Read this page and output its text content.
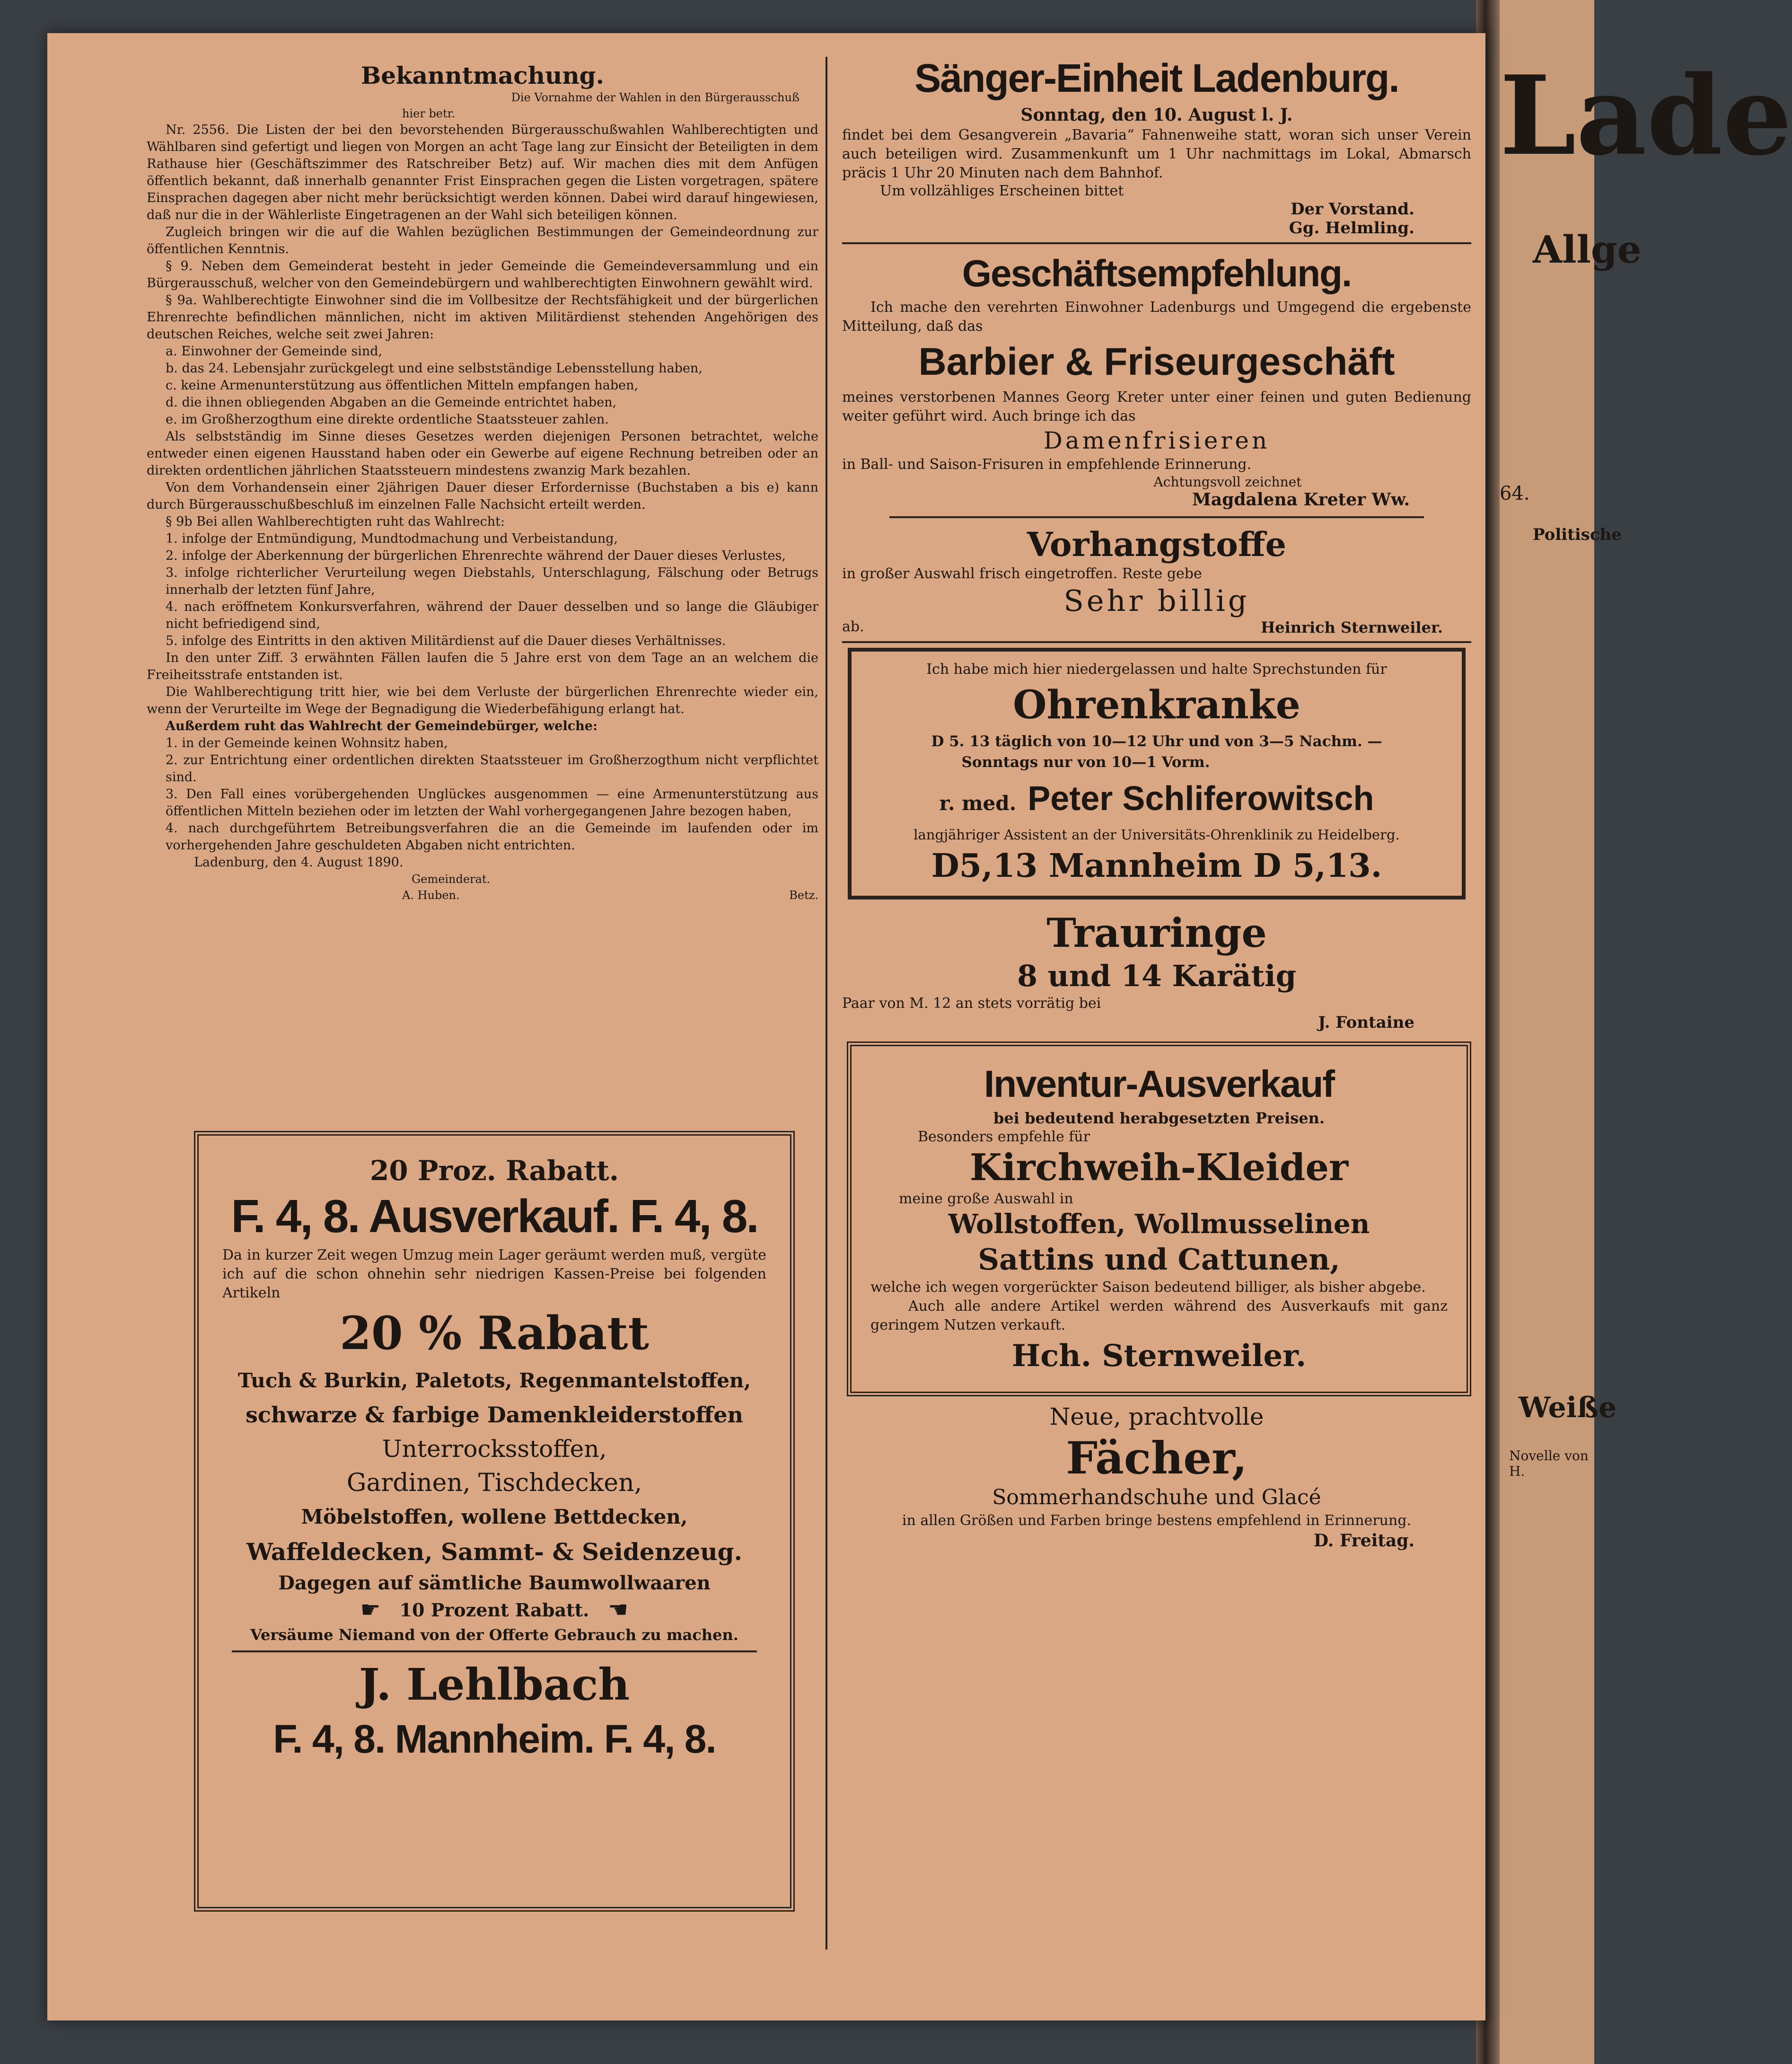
Lade
Allge
64.
Politische
Weiße
Novelle von H.
Bekanntmachung.
Die Vornahme der Wahlen in den Bürgerausschuß
hier betr.

Nr. 2556. Die Listen der bei den bevorstehenden Bürgerausschußwahlen Wahlberechtigten und Wählbaren sind gefertigt und liegen von Morgen an acht Tage lang zur Einsicht der Beteiligten in dem Rathause hier (Geschäftszimmer des Ratschreiber Betz) auf. Wir machen dies mit dem Anfügen öffentlich bekannt, daß innerhalb genannter Frist Einsprachen gegen die Listen vorgetragen, spätere Einsprachen dagegen aber nicht mehr berücksichtigt werden können. Dabei wird darauf hingewiesen, daß nur die in der Wählerliste Eingetragenen an der Wahl sich beteiligen können.

Zugleich bringen wir die auf die Wahlen bezüglichen Bestimmungen der Gemeindeordnung zur öffentlichen Kenntnis.

§ 9. Neben dem Gemeinderat besteht in jeder Gemeinde die Gemeindeversammlung und ein Bürgerausschuß, welcher von den Gemeindebürgern und wahlberechtigten Einwohnern gewählt wird.

§ 9a. Wahlberechtigte Einwohner sind die im Vollbesitze der Rechtsfähigkeit und der bürgerlichen Ehrenrechte befindlichen männlichen, nicht im aktiven Militärdienst stehenden Angehörigen des deutschen Reiches, welche seit zwei Jahren:

a. Einwohner der Gemeinde sind,

b. das 24. Lebensjahr zurückgelegt und eine selbstständige Lebensstellung haben,

c. keine Armenunterstützung aus öffentlichen Mitteln empfangen haben,

d. die ihnen obliegenden Abgaben an die Gemeinde entrichtet haben,

e. im Großherzogthum eine direkte ordentliche Staatssteuer zahlen.

Als selbstständig im Sinne dieses Gesetzes werden diejenigen Personen betrachtet, welche entweder einen eigenen Hausstand haben oder ein Gewerbe auf eigene Rechnung betreiben oder an direkten ordentlichen jährlichen Staatssteuern mindestens zwanzig Mark bezahlen.

Von dem Vorhandensein einer 2jährigen Dauer dieser Erfordernisse (Buchstaben a bis e) kann durch Bürgerausschußbeschluß im einzelnen Falle Nachsicht erteilt werden.

§ 9b Bei allen Wahlberechtigten ruht das Wahlrecht:

1. infolge der Entmündigung, Mundtodmachung und Verbeistandung,

2. infolge der Aberkennung der bürgerlichen Ehrenrechte während der Dauer dieses Verlustes,

3. infolge richterlicher Verurteilung wegen Diebstahls, Unterschlagung, Fälschung oder Betrugs innerhalb der letzten fünf Jahre,

4. nach eröffnetem Konkursverfahren, während der Dauer desselben und so lange die Gläubiger nicht befriedigend sind,

5. infolge des Eintritts in den aktiven Militärdienst auf die Dauer dieses Verhältnisses.

In den unter Ziff. 3 erwähnten Fällen laufen die 5 Jahre erst von dem Tage an an welchem die Freiheitsstrafe entstanden ist.

Die Wahlberechtigung tritt hier, wie bei dem Verluste der bürgerlichen Ehrenrechte wieder ein, wenn der Verurteilte im Wege der Begnadigung die Wiederbefähigung erlangt hat.

Außerdem ruht das Wahlrecht der Gemeindebürger, welche:

1. in der Gemeinde keinen Wohnsitz haben,

2. zur Entrichtung einer ordentlichen direkten Staatssteuer im Großherzogthum nicht verpflichtet sind.

3. Den Fall eines vorübergehenden Unglückes ausgenommen — eine Armenunterstützung aus öffentlichen Mitteln beziehen oder im letzten der Wahl vorhergegangenen Jahre bezogen haben,

4. nach durchgeführtem Betreibungsverfahren die an die Gemeinde im laufenden oder im vorhergehenden Jahre geschuldeten Abgaben nicht entrichten.

Ladenburg, den 4. August 1890.

Gemeinderat.

A. Huben.	Betz.
20 Proz. Rabatt.
F. 4, 8. Ausverkauf. F. 4, 8.
Da in kurzer Zeit wegen Umzug mein Lager geräumt werden muß, vergüte ich auf die schon ohnehin sehr niedrigen Kassen-Preise bei folgenden Artikeln
20 % Rabatt
Tuch & Burkin, Paletots, Regenmantelstoffen,
schwarze & farbige Damenkleiderstoffen
Unterrocksstoffen,
Gardinen, Tischdecken,
Möbelstoffen, wollene Bettdecken,
Waffeldecken, Sammt- & Seidenzeug.
Dagegen auf sämtliche Baumwollwaaren
☛ 10 Prozent Rabatt. ☛
Versäume Niemand von der Offerte Gebrauch zu machen.
J. Lehlbach
F. 4, 8. Mannheim. F. 4, 8.
Sänger-Einheit Ladenburg.
Sonntag, den 10. August l. J.

findet bei dem Gesangverein „Bavaria“ Fahnenweihe statt, woran sich unser Verein auch beteiligen wird. Zusammenkunft um 1 Uhr nachmittags im Lokal, Abmarsch präcis 1 Uhr 20 Minuten nach dem Bahnhof.

Um vollzähliges Erscheinen bittet

Der Vorstand.
Gg. Helmling.
Geschäftsempfehlung.

Ich mache den verehrten Einwohner Ladenburgs und Umgegend die ergebenste Mitteilung, daß das

Barbier & Friseurgeschäft

meines verstorbenen Mannes Georg Kreter unter einer feinen und guten Bedienung weiter geführt wird. Auch bringe ich das

Damenfrisieren

in Ball- und Saison-Frisuren in empfehlende Erinnerung.

Achtungsvoll zeichnet
Magdalena Kreter Ww.
Vorhangstoffe

in großer Auswahl frisch eingetroffen. Reste gebe

Sehr billig
ab.	Heinrich Sternweiler.
Ich habe mich hier niedergelassen und halte Sprechstunden für
Ohrenkranke
D 5. 13 täglich von 10—12 Uhr und von 3—5 Nachm. —
Sonntags nur von 10—1 Vorm.
r. med. Peter Schliferowitsch
langjähriger Assistent an der Universitäts-Ohrenklinik zu Heidelberg.
D5,13 Mannheim D 5,13.
Trauringe
8 und 14 Karätig

Paar von M. 12 an stets vorrätig bei

J. Fontaine
Inventur-Ausverkauf
bei bedeutend herabgesetzten Preisen.
Besonders empfehle für
Kirchweih-Kleider
meine große Auswahl in
Wollstoffen, Wollmusselinen
Sattins und Cattunen,

welche ich wegen vorgerückter Saison bedeutend billiger, als bisher abgebe.

Auch alle andere Artikel werden während des Ausverkaufs mit ganz geringem Nutzen verkauft.

Hch. Sternweiler.
Neue, prachtvolle
Fächer,
Sommerhandschuhe und Glacé
in allen Größen und Farben bringe bestens empfehlend in Erinnerung.
D. Freitag.
